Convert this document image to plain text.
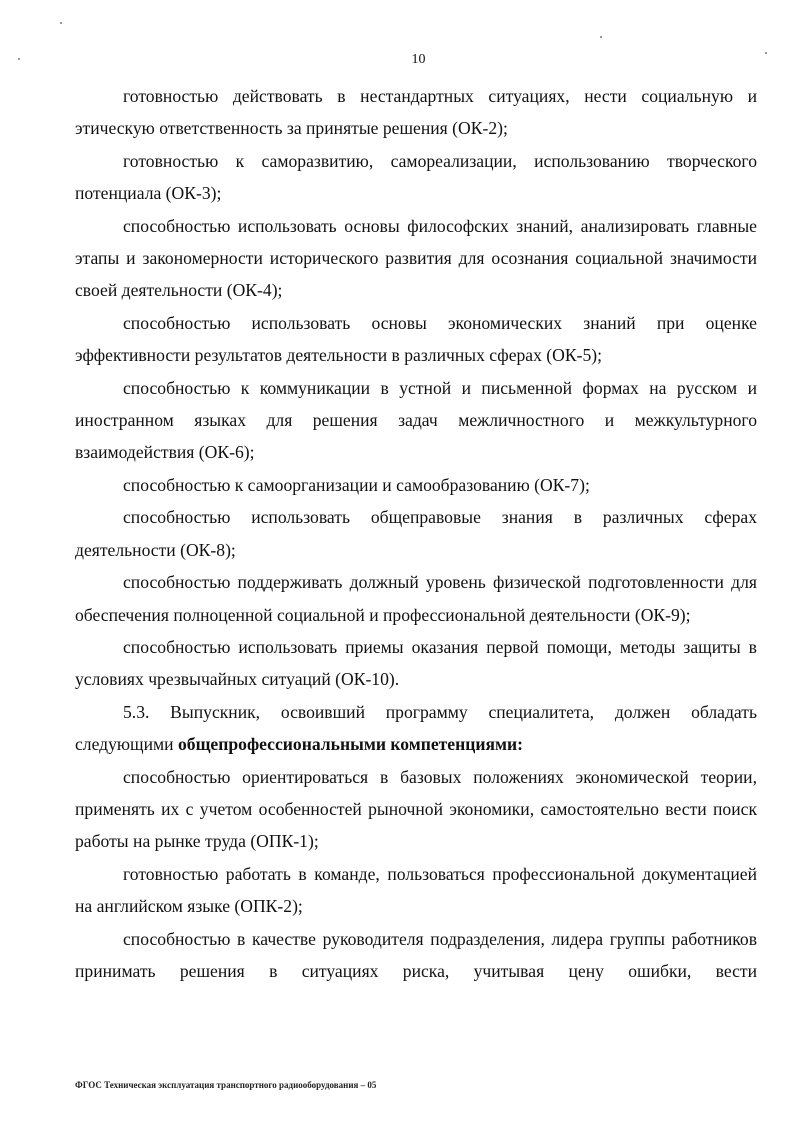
10

готовностью действовать в нестандартных ситуациях, нести социальную и этическую ответственность за принятые решения (ОК-2);

готовностью к саморазвитию, самореализации, использованию творческого потенциала (ОК-3);

способностью использовать основы философских знаний, анализировать главные этапы и закономерности исторического развития для осознания социальной значимости своей деятельности (ОК-4);

способностью использовать основы экономических знаний при оценке эффективности результатов деятельности в различных сферах (ОК-5);

способностью к коммуникации в устной и письменной формах на русском и иностранном языках для решения задач межличностного и межкультурного взаимодействия (ОК-6);

способностью к самоорганизации и самообразованию (ОК-7);

способностью использовать общеправовые знания в различных сферах деятельности (ОК-8);

способностью поддерживать должный уровень физической подготовленности для обеспечения полноценной социальной и профессиональной деятельности (ОК-9);

способностью использовать приемы оказания первой помощи, методы защиты в условиях чрезвычайных ситуаций (ОК-10).

5.3. Выпускник, освоивший программу специалитета, должен обладать следующими общепрофессиональными компетенциями:

способностью ориентироваться в базовых положениях экономической теории, применять их с учетом особенностей рыночной экономики, самостоятельно вести поиск работы на рынке труда (ОПК-1);

готовностью работать в команде, пользоваться профессиональной документацией на английском языке (ОПК-2);

способностью в качестве руководителя подразделения, лидера группы работников принимать решения в ситуациях риска, учитывая цену ошибки, вести

ФГОС Техническая эксплуатация транспортного радиооборудования – 05
